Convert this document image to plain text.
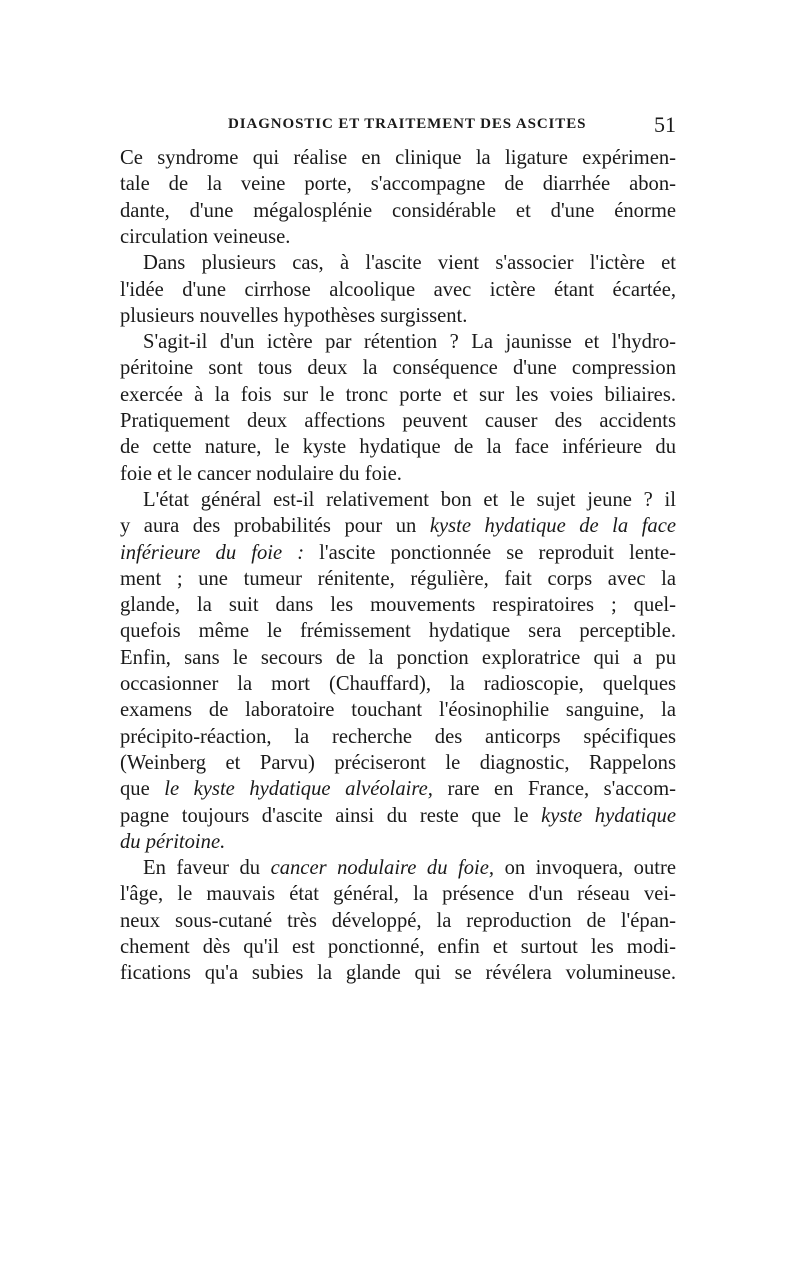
DIAGNOSTIC ET TRAITEMENT DES ASCITES	51
Ce syndrome qui réalise en clinique la ligature expérimen-
tale de la veine porte, s'accompagne de diarrhée abon-
dante, d'une mégalosplénie considérable et d'une énorme
circulation veineuse.
Dans plusieurs cas, à l'ascite vient s'associer l'ictère et
l'idée d'une cirrhose alcoolique avec ictère étant écartée,
plusieurs nouvelles hypothèses surgissent.
S'agit-il d'un ictère par rétention ? La jaunisse et l'hydro-
péritoine sont tous deux la conséquence d'une compression
exercée à la fois sur le tronc porte et sur les voies biliaires.
Pratiquement deux affections peuvent causer des accidents
de cette nature, le kyste hydatique de la face inférieure du
foie et le cancer nodulaire du foie.
L'état général est-il relativement bon et le sujet jeune ? il
y aura des probabilités pour un kyste hydatique de la face
inférieure du foie : l'ascite ponctionnée se reproduit lente-
ment ; une tumeur rénitente, régulière, fait corps avec la
glande, la suit dans les mouvements respiratoires ; quel-
quefois même le frémissement hydatique sera perceptible.
Enfin, sans le secours de la ponction exploratrice qui a pu
occasionner la mort (Chauffard), la radioscopie, quelques
examens de laboratoire touchant l'éosinophilie sanguine, la
précipito-réaction, la recherche des anticorps spécifiques
(Weinberg et Parvu) préciseront le diagnostic, Rappelons
que le kyste hydatique alvéolaire, rare en France, s'accom-
pagne toujours d'ascite ainsi du reste que le kyste hydatique
du péritoine.
En faveur du cancer nodulaire du foie, on invoquera, outre
l'âge, le mauvais état général, la présence d'un réseau vei-
neux sous-cutané très développé, la reproduction de l'épan-
chement dès qu'il est ponctionné, enfin et surtout les modi-
fications qu'a subies la glande qui se révélera volumineuse.
